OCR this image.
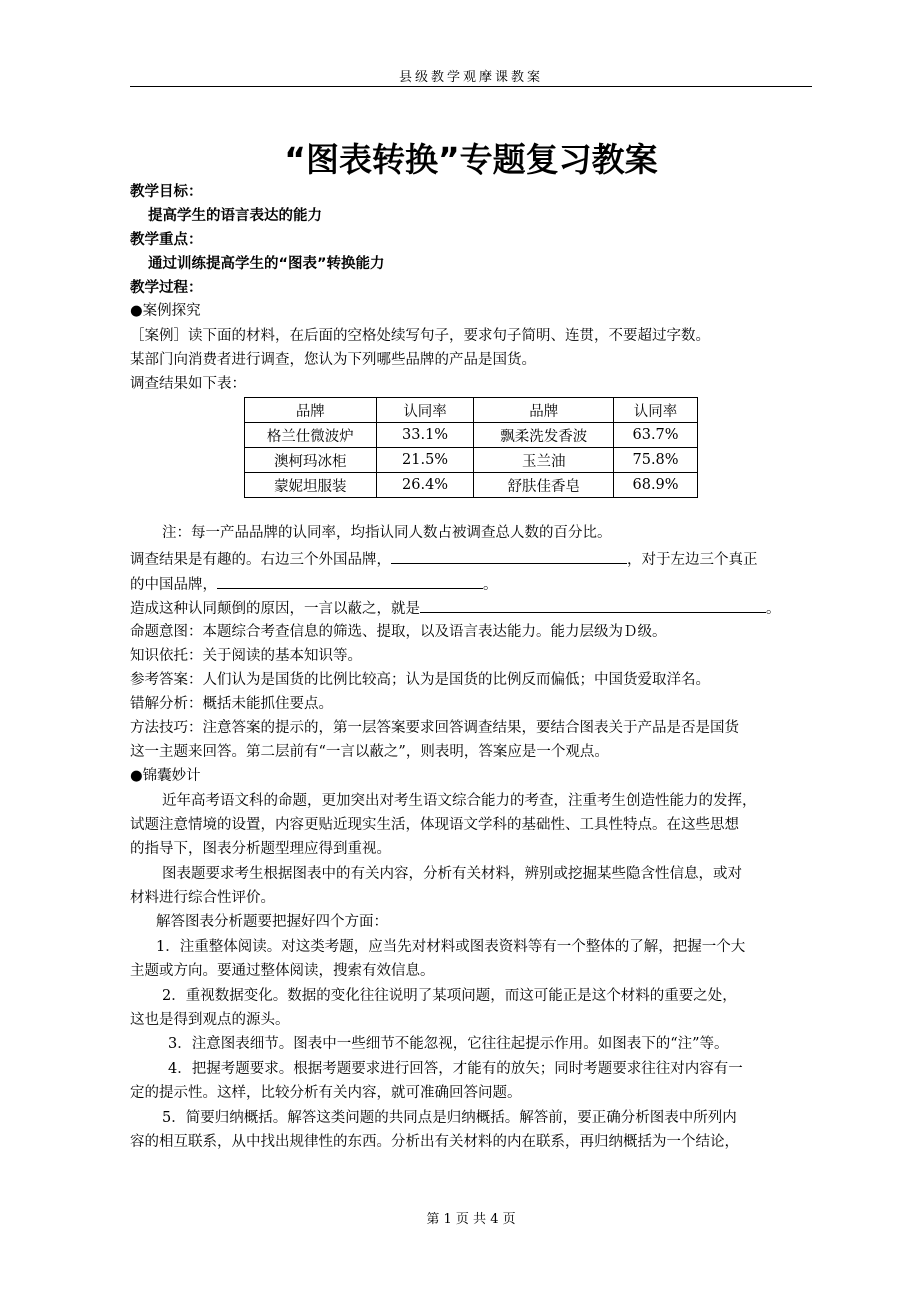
县级教学观摩课教案
“图表转换”专题复习教案
教学目标：
提高学生的语言表达的能力
教学重点：
通过训练提高学生的“图表”转换能力
教学过程：
●案例探究
［案例］读下面的材料，在后面的空格处续写句子，要求句子简明、连贯，不要超过字数。
某部门向消费者进行调查，您认为下列哪些品牌的产品是国货。
调查结果如下表：
品牌	认同率	品牌	认同率
格兰仕微波炉	33.1%	飘柔洗发香波	63.7%
澳柯玛冰柜	21.5%	玉兰油	75.8%
蒙妮坦服装	26.4%	舒肤佳香皂	68.9%
注：每一产品品牌的认同率，均指认同人数占被调查总人数的百分比。
调查结果是有趣的。右边三个外国品牌，	，对于左边三个真正
的中国品牌，	。
造成这种认同颠倒的原因，一言以蔽之，就是	。
命题意图：本题综合考查信息的筛选、提取，以及语言表达能力。能力层级为Ｄ级。
知识依托：关于阅读的基本知识等。
参考答案：人们认为是国货的比例比较高；认为是国货的比例反而偏低；中国货爱取洋名。
错解分析：概括未能抓住要点。
方法技巧：注意答案的提示的，第一层答案要求回答调查结果，要结合图表关于产品是否是国货
这一主题来回答。第二层前有“一言以蔽之”，则表明，答案应是一个观点。
●锦囊妙计
近年高考语文科的命题，更加突出对考生语文综合能力的考查，注重考生创造性能力的发挥，
试题注意情境的设置，内容更贴近现实生活，体现语文学科的基础性、工具性特点。在这些思想
的指导下，图表分析题型理应得到重视。
图表题要求考生根据图表中的有关内容，分析有关材料，辨别或挖掘某些隐含性信息，或对
材料进行综合性评价。
解答图表分析题要把握好四个方面：
1．注重整体阅读。对这类考题，应当先对材料或图表资料等有一个整体的了解，把握一个大
主题或方向。要通过整体阅读，搜索有效信息。
2．重视数据变化。数据的变化往往说明了某项问题，而这可能正是这个材料的重要之处，
这也是得到观点的源头。
3．注意图表细节。图表中一些细节不能忽视，它往往起提示作用。如图表下的“注”等。
4．把握考题要求。根据考题要求进行回答，才能有的放矢；同时考题要求往往对内容有一
定的提示性。这样，比较分析有关内容，就可准确回答问题。
5．简要归纳概括。解答这类问题的共同点是归纳概括。解答前，要正确分析图表中所列内
容的相互联系，从中找出规律性的东西。分析出有关材料的内在联系，再归纳概括为一个结论，
第 1 页 共 4 页
